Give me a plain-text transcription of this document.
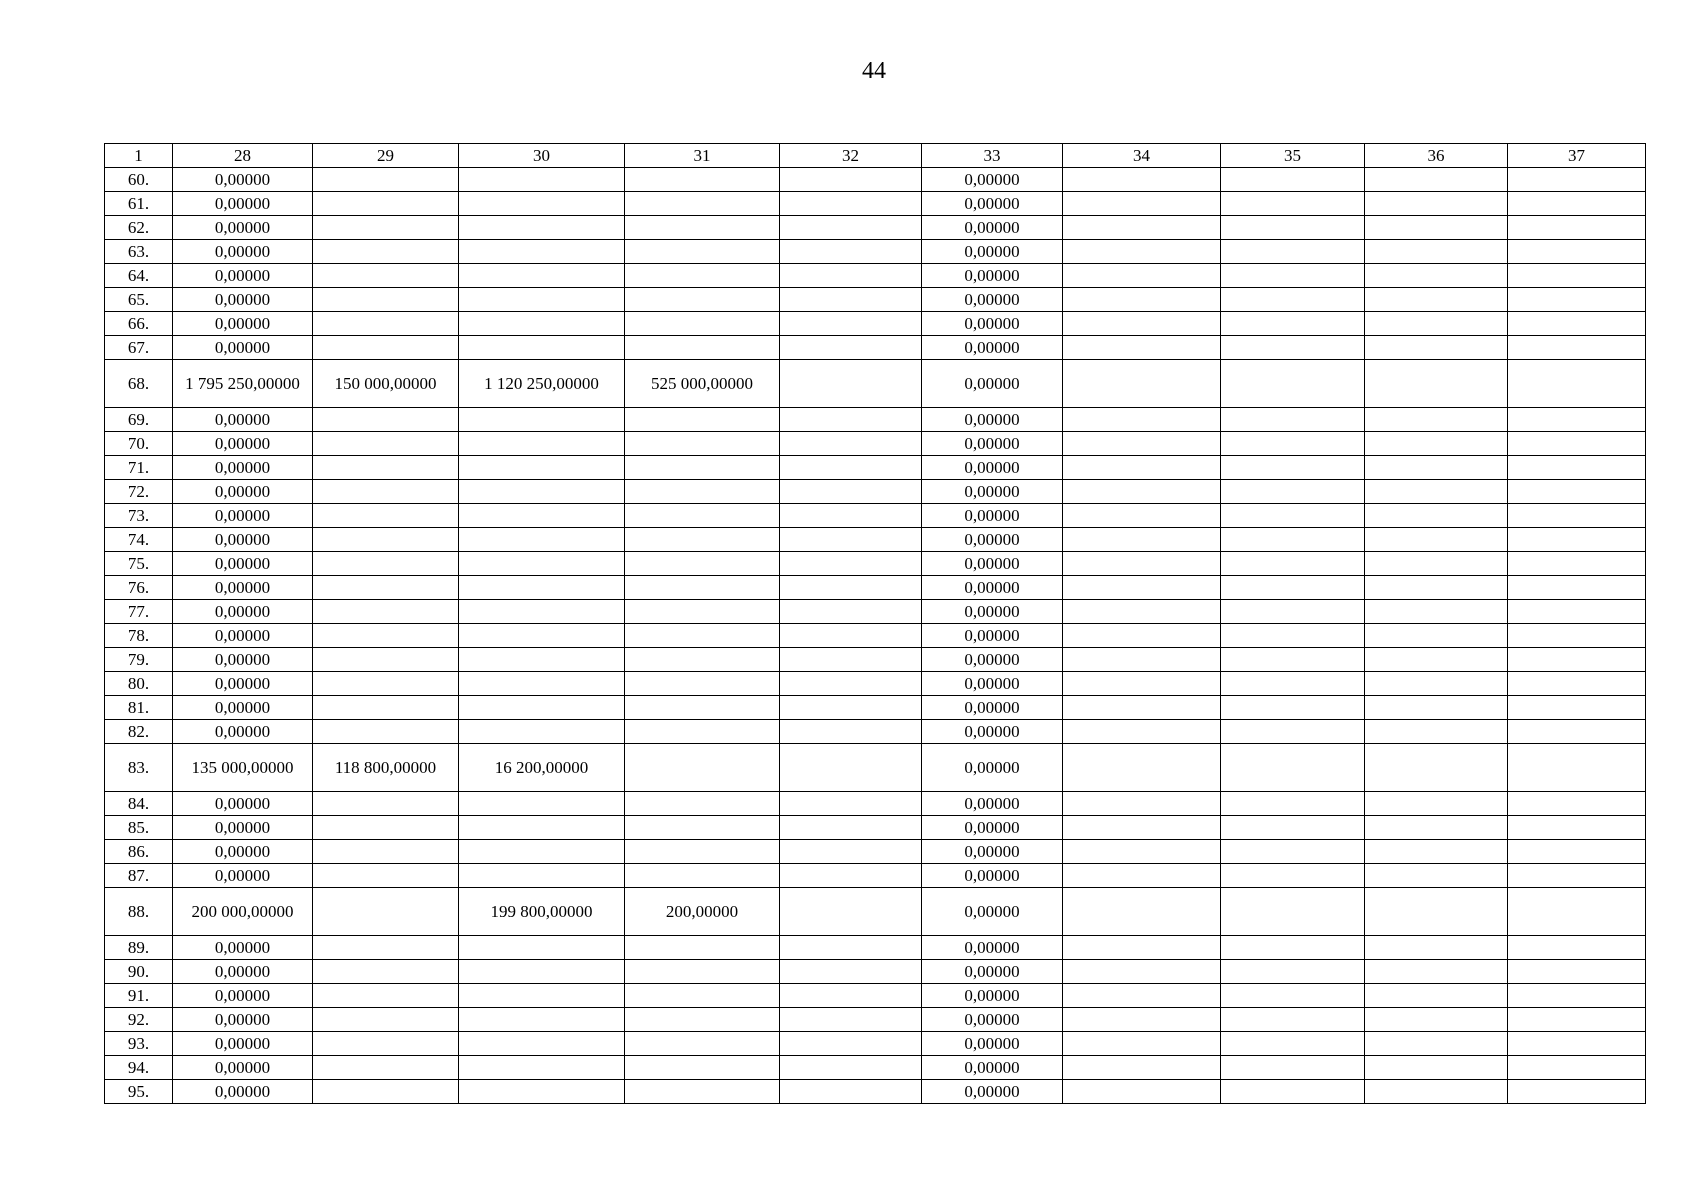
44
1	28	29	30	31	32	33	34	35	36	37
60.	0,00000					0,00000				
61.	0,00000					0,00000				
62.	0,00000					0,00000				
63.	0,00000					0,00000				
64.	0,00000					0,00000				
65.	0,00000					0,00000				
66.	0,00000					0,00000				
67.	0,00000					0,00000				
68.	1 795 250,00000	150 000,00000	1 120 250,00000	525 000,00000		0,00000				
69.	0,00000					0,00000				
70.	0,00000					0,00000				
71.	0,00000					0,00000				
72.	0,00000					0,00000				
73.	0,00000					0,00000				
74.	0,00000					0,00000				
75.	0,00000					0,00000				
76.	0,00000					0,00000				
77.	0,00000					0,00000				
78.	0,00000					0,00000				
79.	0,00000					0,00000				
80.	0,00000					0,00000				
81.	0,00000					0,00000				
82.	0,00000					0,00000				
83.	135 000,00000	118 800,00000	16 200,00000			0,00000				
84.	0,00000					0,00000				
85.	0,00000					0,00000				
86.	0,00000					0,00000				
87.	0,00000					0,00000				
88.	200 000,00000		199 800,00000	200,00000		0,00000				
89.	0,00000					0,00000				
90.	0,00000					0,00000				
91.	0,00000					0,00000				
92.	0,00000					0,00000				
93.	0,00000					0,00000				
94.	0,00000					0,00000				
95.	0,00000					0,00000				
